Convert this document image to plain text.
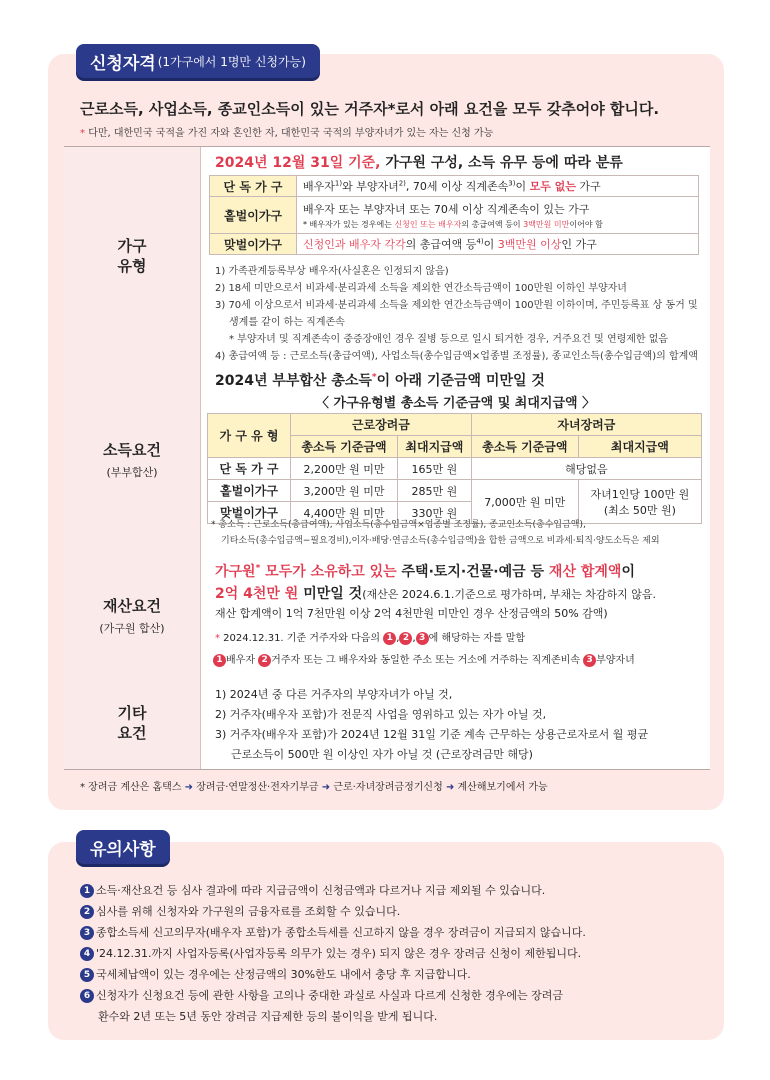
신청자격 (1가구에서 1명만 신청가능)
근로소득, 사업소득, 종교인소득이 있는 거주자*로서 아래 요건을 모두 갖추어야 합니다.
* 다만, 대한민국 국적을 가진 자와 혼인한 자, 대한민국 국적의 부양자녀가 있는 자는 신청 가능
가구
유형
2024년 12월 31일 기준, 가구원 구성, 소득 유무 등에 따라 분류
단 독 가 구	배우자$^{1)}$와 부양자녀$^{2)}$, 70세 이상 직계존속$^{3)}$이 모두 없는 가구
홑벌이가구	배우자 또는 부양자녀 또는 70세 이상 직계존속이 있는 가구
* 배우자가 있는 경우에는 신청인 또는 배우자의 총급여액 등이 3백만원 미만이어야 함

맞벌이가구	신청인과 배우자 각각의 총급여액 등$^{4)}$이 3백만원 이상인 가구

1) 가족관계등록부상 배우자(사실혼은 인정되지 않음)

2) 18세 미만으로서 비과세·분리과세 소득을 제외한 연간소득금액이 100만원 이하인 부양자녀

3) 70세 이상으로서 비과세·분리과세 소득을 제외한 연간소득금액이 100만원 이하이며, 주민등록표 상 동거 및

생계를 같이 하는 직계존속

* 부양자녀 및 직계존속이 중증장애인 경우 질병 등으로 일시 퇴거한 경우, 거주요건 및 연령제한 없음

4) 총급여액 등 : 근로소득(총급여액), 사업소득(총수입금액×업종별 조정률), 종교인소득(총수입금액)의 합계액

소득요건
(부부합산)
2024년 부부합산 총소득*이 아래 기준금액 미만일 것
〈 가구유형별 총소득 기준금액 및 최대지급액 〉
가 구 유 형	근로장려금		자녀장려금	
	총소득 기준금액	최대지급액	총소득 기준금액	최대지급액
단 독 가 구	2,200만 원 미만	165만 원	해당없음	
홑벌이가구	3,200만 원 미만	285만 원	7,000만 원 미만	자녀1인당 100만 원
(최소 50만 원)

맞벌이가구	4,400만 원 미만	330만 원		
* 총소득 : 근로소득(총급여액), 사업소득(총수입금액×업종별 조정률), 종교인소득(총수입금액),
기타소득(총수입금액−필요경비),이자·배당·연금소득(총수입금액)을 합한 금액으로 비과세·퇴직·양도소득은 제외
재산요건
(가구원 합산)
가구원* 모두가 소유하고 있는 주택·토지·건물·예금 등 재산 합계액이
2억 4천만 원 미만일 것(재산은 2024.6.1.기준으로 평가하며, 부채는 차감하지 않음.
재산 합계액이 1억 7천만원 이상 2억 4천만원 미만인 경우 산정금액의 50% 감액)
* 2024.12.31. 기준 거주자와 다음의 1 , 2 , 3 에 해당하는 자를 말함
1 배우자 2 거주자 또는 그 배우자와 동일한 주소 또는 거소에 거주하는 직계존비속 3 부양자녀
기타
요건
1) 2024년 중 다른 거주자의 부양자녀가 아닐 것,
2) 거주자(배우자 포함)가 전문직 사업을 영위하고 있는 자가 아닐 것,
3) 거주자(배우자 포함)가 2024년 12월 31일 기준 계속 근무하는 상용근로자로서 월 평균
근로소득이 500만 원 이상인 자가 아닐 것 (근로장려금만 해당)
* 장려금 계산은 홈택스 ➜ 장려금·연말정산·전자기부금 ➜ 근로·자녀장려금정기신청 ➜ 계산해보기에서 가능
유의사항
1 소득·재산요건 등 심사 결과에 따라 지급금액이 신청금액과 다르거나 지급 제외될 수 있습니다.
2 심사를 위해 신청자와 가구원의 금융자료를 조회할 수 있습니다.
3 종합소득세 신고의무자(배우자 포함)가 종합소득세를 신고하지 않을 경우 장려금이 지급되지 않습니다.
4 '24.12.31.까지 사업자등록(사업자등록 의무가 있는 경우) 되지 않은 경우 장려금 신청이 제한됩니다.
5 국세체납액이 있는 경우에는 산정금액의 30%한도 내에서 충당 후 지급합니다.
6 신청자가 신청요건 등에 관한 사항을 고의나 중대한 과실로 사실과 다르게 신청한 경우에는 장려금
환수와 2년 또는 5년 동안 장려금 지급제한 등의 불이익을 받게 됩니다.
